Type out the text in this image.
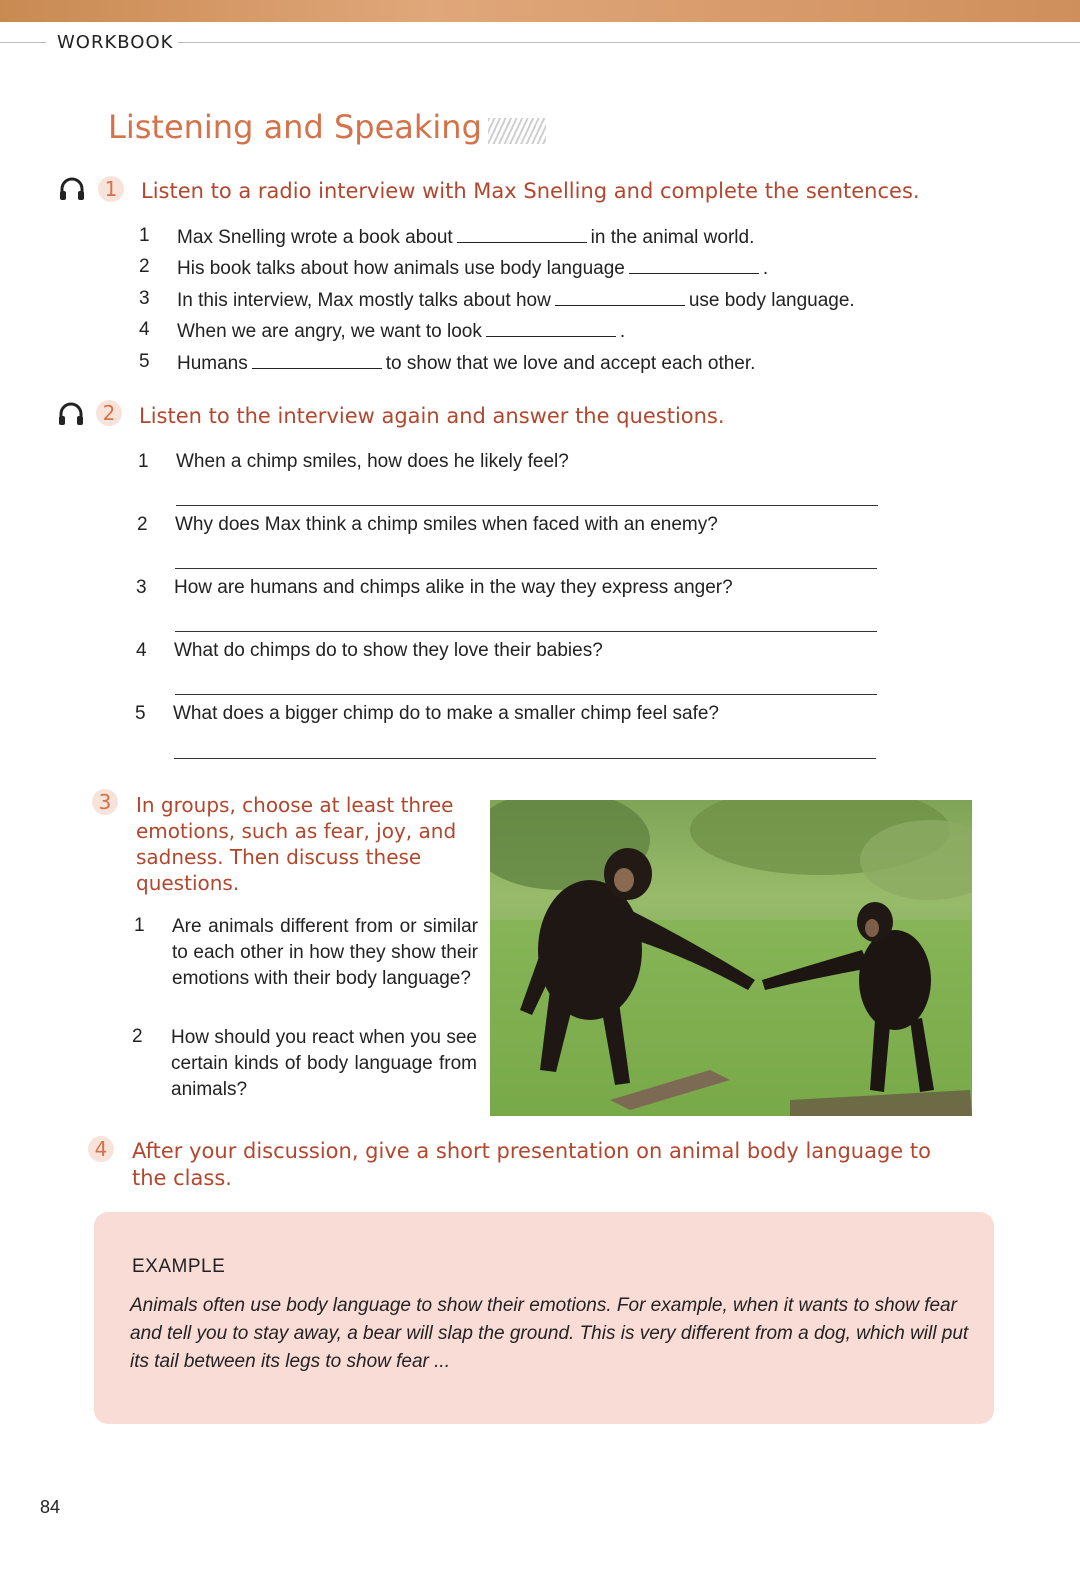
WORKBOOK
Listening and Speaking
1	Listen to a radio interview with Max Snelling and complete the sentences.
1 Max Snelling wrote a book about	in the animal world.
2 His book talks about how animals use body language	.
3 In this interview, Max mostly talks about how	use body language.
4 When we are angry, we want to look	.
5 Humans	to show that we love and accept each other.
2	Listen to the interview again and answer the questions.
1 When a chimp smiles, how does he likely feel?
2 Why does Max think a chimp smiles when faced with an enemy?
3 How are humans and chimps alike in the way they express anger?
4 What do chimps do to show they love their babies?
5 What does a bigger chimp do to make a smaller chimp feel safe?
3	In groups, choose at least three emotions, such as fear, joy, and sadness. Then discuss these questions.
1 Are animals different from or similar to each other in how they show their emotions with their body language?
2 How should you react when you see certain kinds of body language from animals?
4	After your discussion, give a short presentation on animal body language to the class.
EXAMPLE
Animals often use body language to show their emotions. For example, when it wants to show fear and tell you to stay away, a bear will slap the ground. This is very different from a dog, which will put its tail between its legs to show fear ...
84
